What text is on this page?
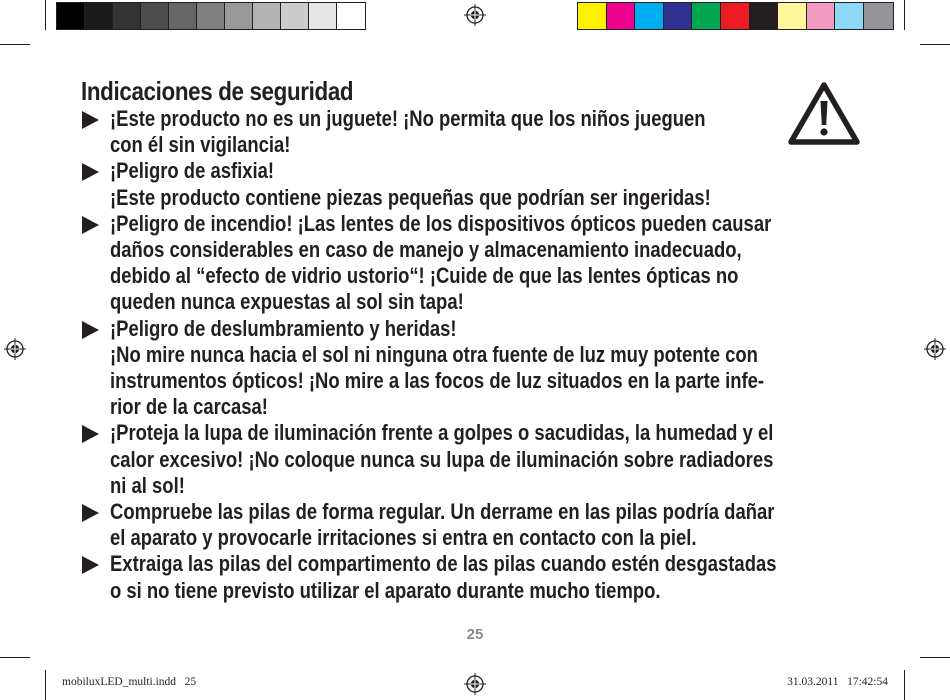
Indicaciones de seguridad
¡Este producto no es un juguete! ¡No permita que los niños jueguen
con él sin vigilancia!
¡Peligro de asfixia!
¡Este producto contiene piezas pequeñas que podrían ser ingeridas!
¡Peligro de incendio! ¡Las lentes de los dispositivos ópticos pueden causar
daños considerables en caso de manejo y almacenamiento inadecuado,
debido al “efecto de vidrio ustorio“! ¡Cuide de que las lentes ópticas no
queden nunca expuestas al sol sin tapa!
¡Peligro de deslumbramiento y heridas!
¡No mire nunca hacia el sol ni ninguna otra fuente de luz muy potente con
instrumentos ópticos! ¡No mire a las focos de luz situados en la parte infe-
rior de la carcasa!
¡Proteja la lupa de iluminación frente a golpes o sacudidas, la humedad y el
calor excesivo! ¡No coloque nunca su lupa de iluminación sobre radiadores
ni al sol!
Compruebe las pilas de forma regular. Un derrame en las pilas podría dañar
el aparato y provocarle irritaciones si entra en contacto con la piel.
Extraiga las pilas del compartimento de las pilas cuando estén desgastadas
o si no tiene previsto utilizar el aparato durante mucho tiempo.
25
mobiluxLED_multi.indd   25	31.03.2011   17:42:54
